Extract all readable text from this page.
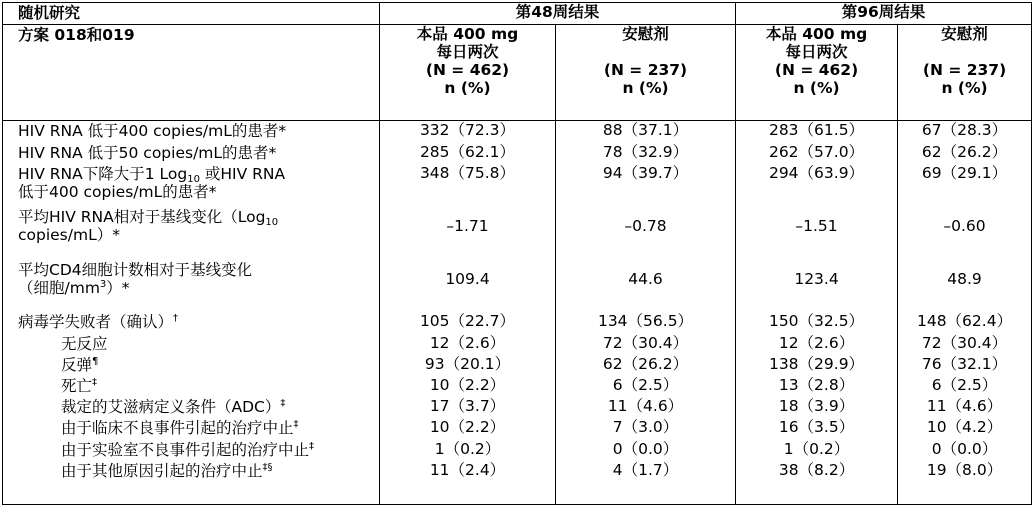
随机研究	第48周结果		第96周结果	
方案 018和019	本品 400 mg
每日两次
(N = 462)
n (%)	安慰剂

(N = 237)
n (%)	本品 400 mg
每日两次
(N = 462)
n (%)	安慰剂

(N = 237)
n (%)
HIV RNA 低于400 copies/mL的患者*	332（72.3）	88（37.1）	283（61.5）	67（28.3）
HIV RNA 低于50 copies/mL的患者*	285（62.1）	78（32.9）	262（57.0）	62（26.2）
HIV RNA下降大于1 Log$_{10}$ 或HIV RNA
低于400 copies/mL的患者*	348（75.8）	94（39.7）	294（63.9）	69（29.1）
平均HIV RNA相对于基线变化（Log$_{10}$
copies/mL）*	–1.71	–0.78	–1.51	–0.60
平均CD4细胞计数相对于基线变化
（细胞$/mm^3)*$	109.4	44.6	123.4	48.9
病毒学失败者（确认）†	105（22.7）	134（56.5）	150（32.5）	148（62.4）
无反应	12（2.6）	72（30.4）	12（2.6）	72（30.4）
反弹¶	93（20.1）	62（26.2）	138（29.9）	76（32.1）
死亡‡	10（2.2）	6（2.5）	13（2.8）	6（2.5）
裁定的艾滋病定义条件（ADC）‡	17（3.7）	11（4.6）	18（3.9）	11（4.6）
由于临床不良事件引起的治疗中止‡	10（2.2）	7（3.0）	16（3.5）	10（4.2）
由于实验室不良事件引起的治疗中止‡	1（0.2）	0（0.0）	1（0.2）	0（0.0）
由于其他原因引起的治疗中止‡§	11（2.4）	4（1.7）	38（8.2）	19（8.0）
